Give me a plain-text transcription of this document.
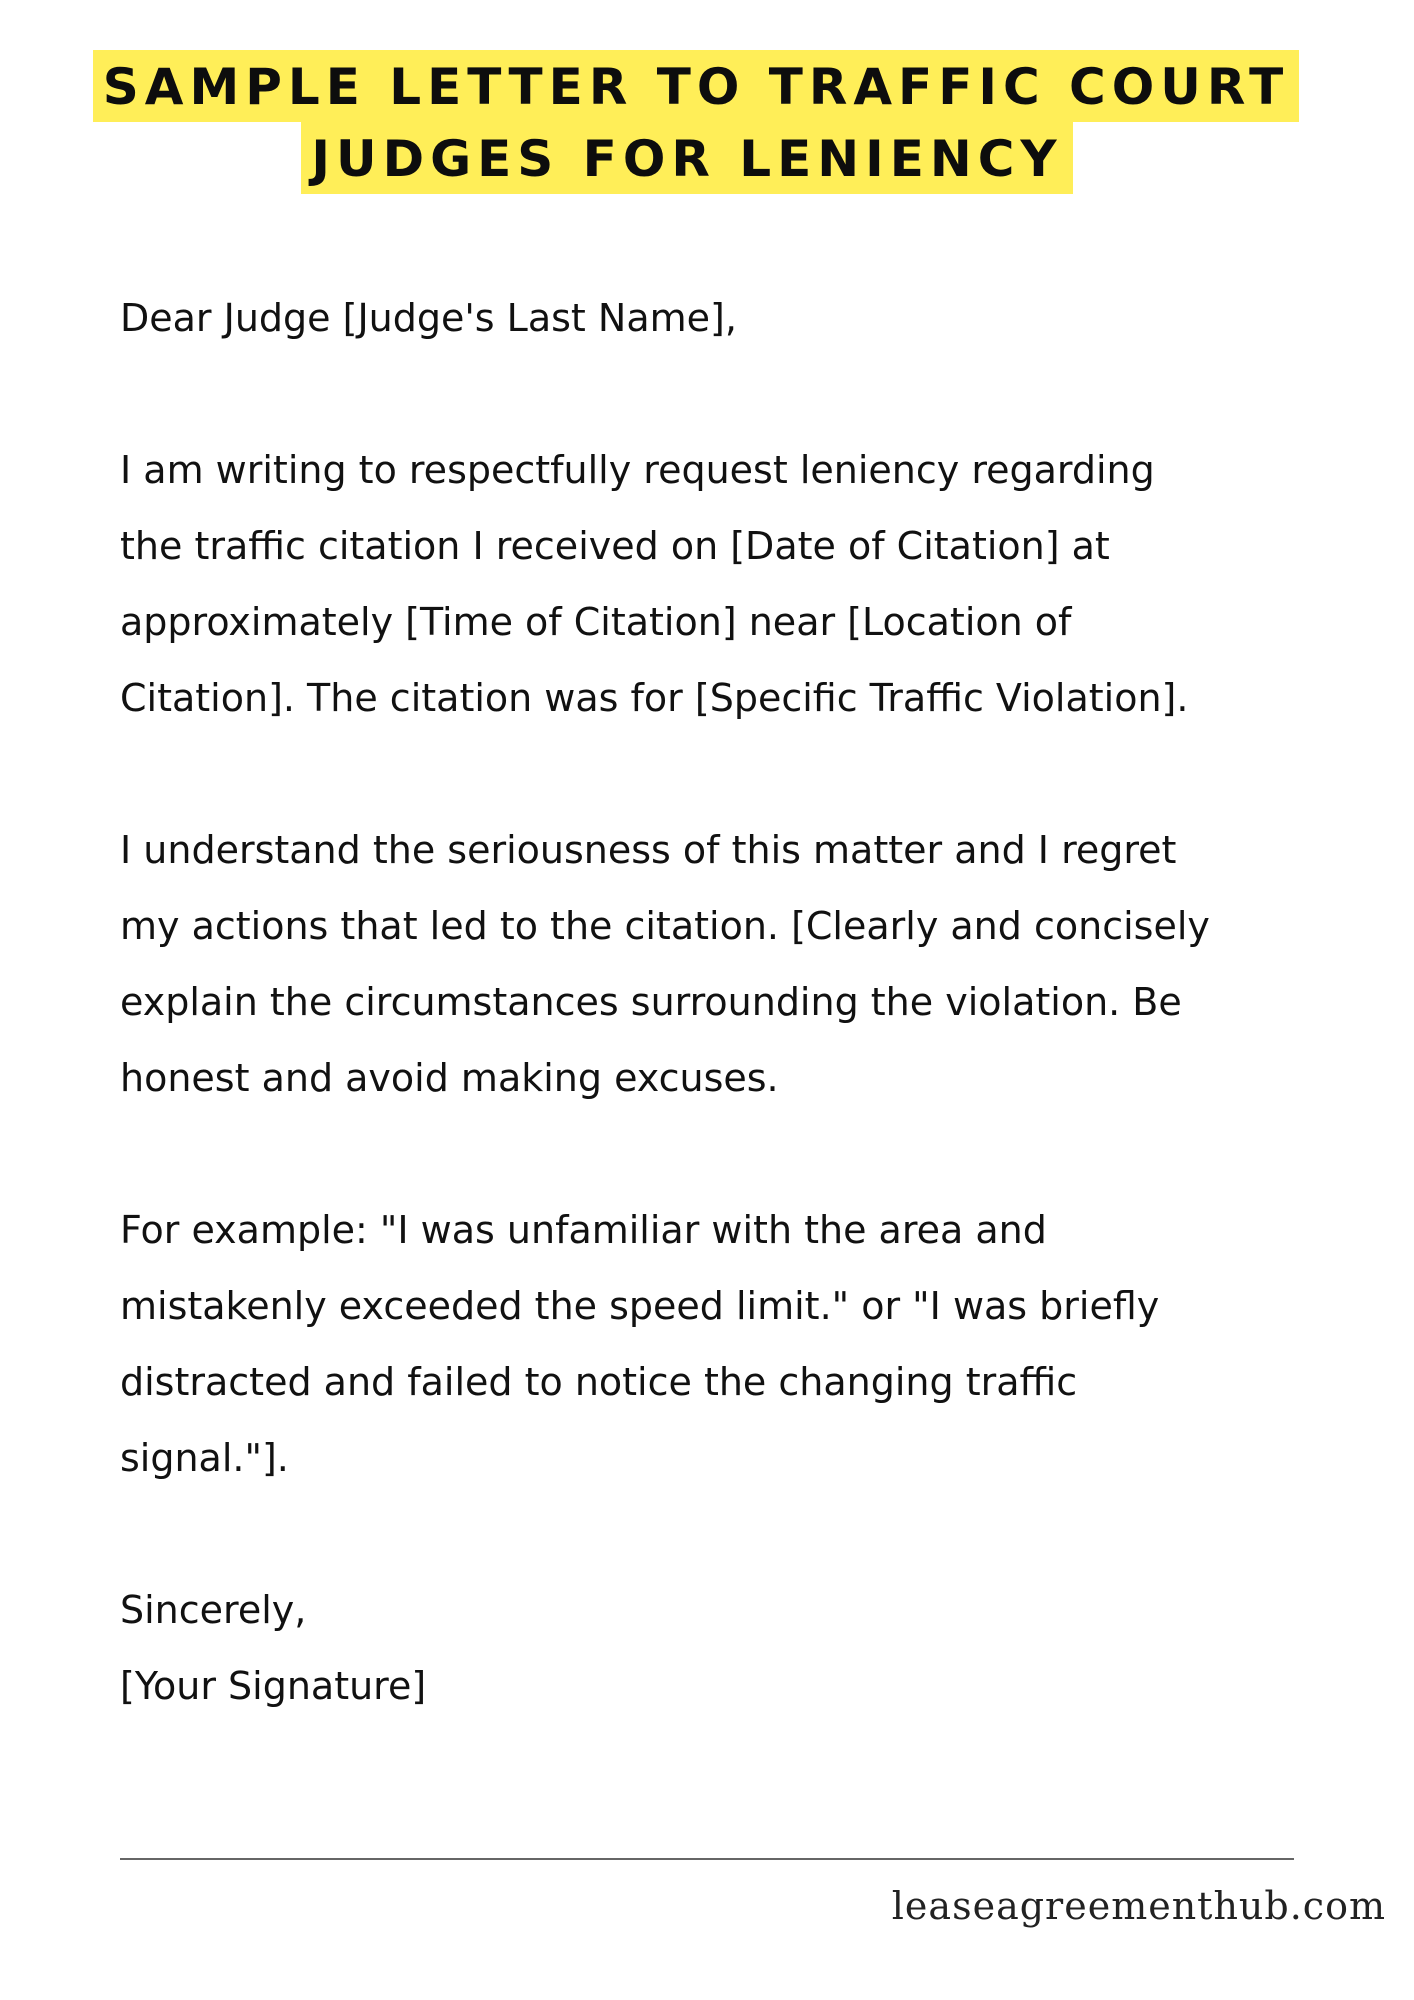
SAMPLE LETTER TO TRAFFIC COURT
JUDGES FOR LENIENCY

Dear Judge [Judge's Last Name],

I am writing to respectfully request leniency regarding
the traffic citation I received on [Date of Citation] at
approximately [Time of Citation] near [Location of
Citation]. The citation was for [Specific Traffic Violation].

I understand the seriousness of this matter and I regret
my actions that led to the citation. [Clearly and concisely
explain the circumstances surrounding the violation. Be
honest and avoid making excuses.

For example: "I was unfamiliar with the area and
mistakenly exceeded the speed limit." or "I was briefly
distracted and failed to notice the changing traffic
signal."].

Sincerely,
[Your Signature]

leaseagreementhub.com
